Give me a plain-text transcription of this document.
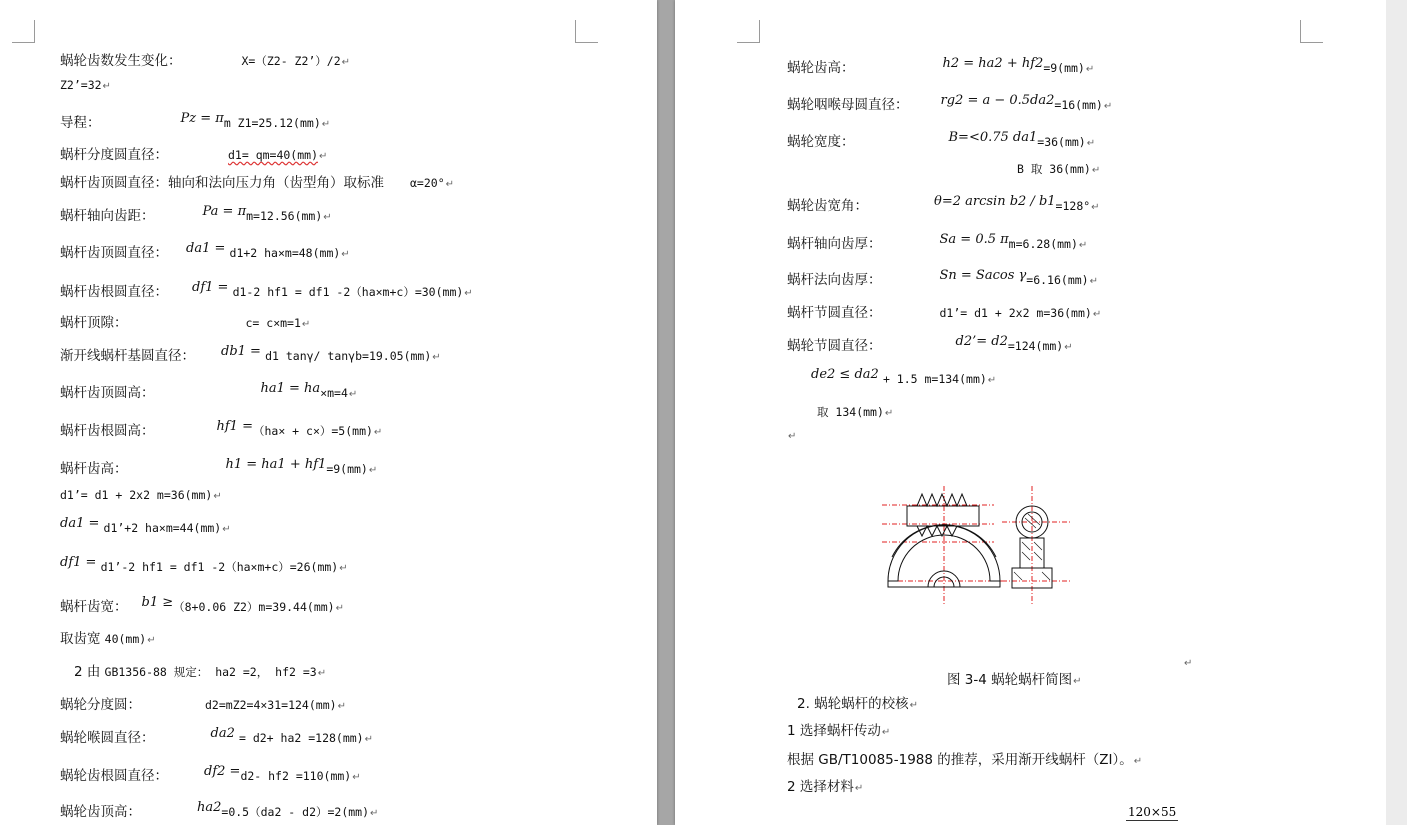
蜗轮齿数发生变化：	X=（Z2- Z2’）/2↵
Z2’=32↵
导程：	Pz = πm Z1=25.12(mm)↵
蜗杆分度圆直径：	d1= qm=40(mm)↵
蜗杆齿顶圆直径：轴向和法向压力角（齿型角）取标准 α=20°↵
蜗杆轴向齿距：	Pa = πm=12.56(mm)↵
蜗杆齿顶圆直径： da1 = d1+2 ha×m=48(mm)↵
蜗杆齿根圆直径： df1 = d1-2 hf1 = df1 -2（ha×m+c）=30(mm)↵
蜗杆顶隙：	c= c×m=1↵
渐开线蜗杆基圆直径： db1 = d1 tanγ/ tanγb=19.05(mm)↵
蜗杆齿顶圆高：	ha1 = ha×m=4↵
蜗杆齿根圆高：	hf1 =（ha× + c×）=5(mm)↵
蜗杆齿高：	h1 = ha1 + hf1=9(mm)↵
d1’= d1 + 2x2 m=36(mm)↵
da1 = d1’+2 ha×m=44(mm)↵
df1 = d1’-2 hf1 = df1 -2（ha×m+c）=26(mm)↵
蜗杆齿宽： b1 ≥（8+0.06 Z2）m=39.44(mm)↵
取齿宽 40(mm)↵
2 由 GB1356-88 规定： ha2 =2， hf2 =3↵
蜗轮分度圆：	d2=mZ2=4×31=124(mm)↵
蜗轮喉圆直径：	da2 = d2+ ha2 =128(mm)↵
蜗轮齿根圆直径：	df2 =d2- hf2 =110(mm)↵
蜗轮齿顶高：	ha2=0.5（da2 - d2）=2(mm)↵
蜗轮齿高：	h2 = ha2 + hf2=9(mm)↵
蜗轮咽喉母圆直径： rg2 = a − 0.5da2=16(mm)↵
蜗轮宽度：	B=<0.75 da1=36(mm)↵
B 取 36(mm)↵
蜗轮齿宽角：	θ=2 arcsin b2 / b1=128°↵
蜗杆轴向齿厚：	Sa = 0.5 πm=6.28(mm)↵
蜗杆法向齿厚：	Sn = Sacos γ=6.16(mm)↵
蜗杆节圆直径：	d1’= d1 + 2x2 m=36(mm)↵
蜗轮节圆直径：	d2’= d2=124(mm)↵
de2 ≤ da2 + 1.5 m=134(mm)↵
取 134(mm)↵
↵
图 3-4 蜗轮蜗杆简图↵
↵
2. 蜗轮蜗杆的校核↵
1 选择蜗杆传动↵
根据 GB/T10085-1988 的推荐，采用渐开线蜗杆（ZI）。↵
2 选择材料↵
120×55
